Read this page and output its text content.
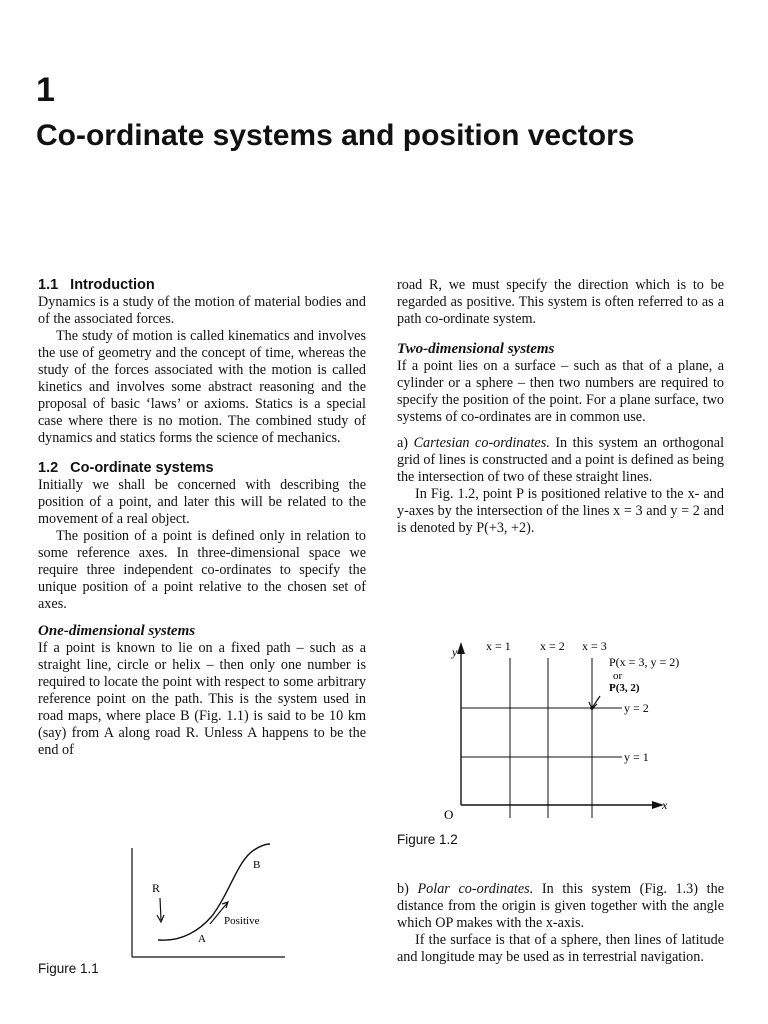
1
Co-ordinate systems and position vectors
1.1 Introduction

Dynamics is a study of the motion of material bodies and of the associated forces.

The study of motion is called kinematics and involves the use of geometry and the concept of time, whereas the study of the forces associated with the motion is called kinetics and involves some abstract reasoning and the proposal of basic ‘laws’ or axioms. Statics is a special case where there is no motion. The combined study of dynamics and statics forms the science of mechanics.

1.2 Co-ordinate systems

Initially we shall be concerned with describing the position of a point, and later this will be related to the movement of a real object.

The position of a point is defined only in relation to some reference axes. In three-dimensional space we require three independent co-ordinates to specify the unique position of a point relative to the chosen set of axes.

One-dimensional systems

If a point is known to lie on a fixed path – such as a straight line, circle or helix – then only one number is required to locate the point with respect to some arbitrary reference point on the path. This is the system used in road maps, where place B (Fig. 1.1) is said to be 10 km (say) from A along road R. Unless A happens to be the end of

road R, we must specify the direction which is to be regarded as positive. This system is often referred to as a path co-ordinate system.

Two-dimensional systems

If a point lies on a surface – such as that of a plane, a cylinder or a sphere – then two numbers are required to specify the position of the point. For a plane surface, two systems of co-ordinates are in common use.

a) Cartesian co-ordinates. In this system an orthogonal grid of lines is constructed and a point is defined as being the intersection of two of these straight lines.

In Fig. 1.2, point P is positioned relative to the x- and y-axes by the intersection of the lines x = 3 and y = 2 and is denoted by P(+3, +2).

b) Polar co-ordinates. In this system (Fig. 1.3) the distance from the origin is given together with the angle which OP makes with the x-axis.

If the surface is that of a sphere, then lines of latitude and longitude may be used as in terrestrial navigation.

R
A
B
Positive
Figure 1.1
y
x
O
x = 1 x = 2 x = 3
P(x = 3, y = 2)
or
P(3, 2)
y = 2
y = 1
Figure 1.2
